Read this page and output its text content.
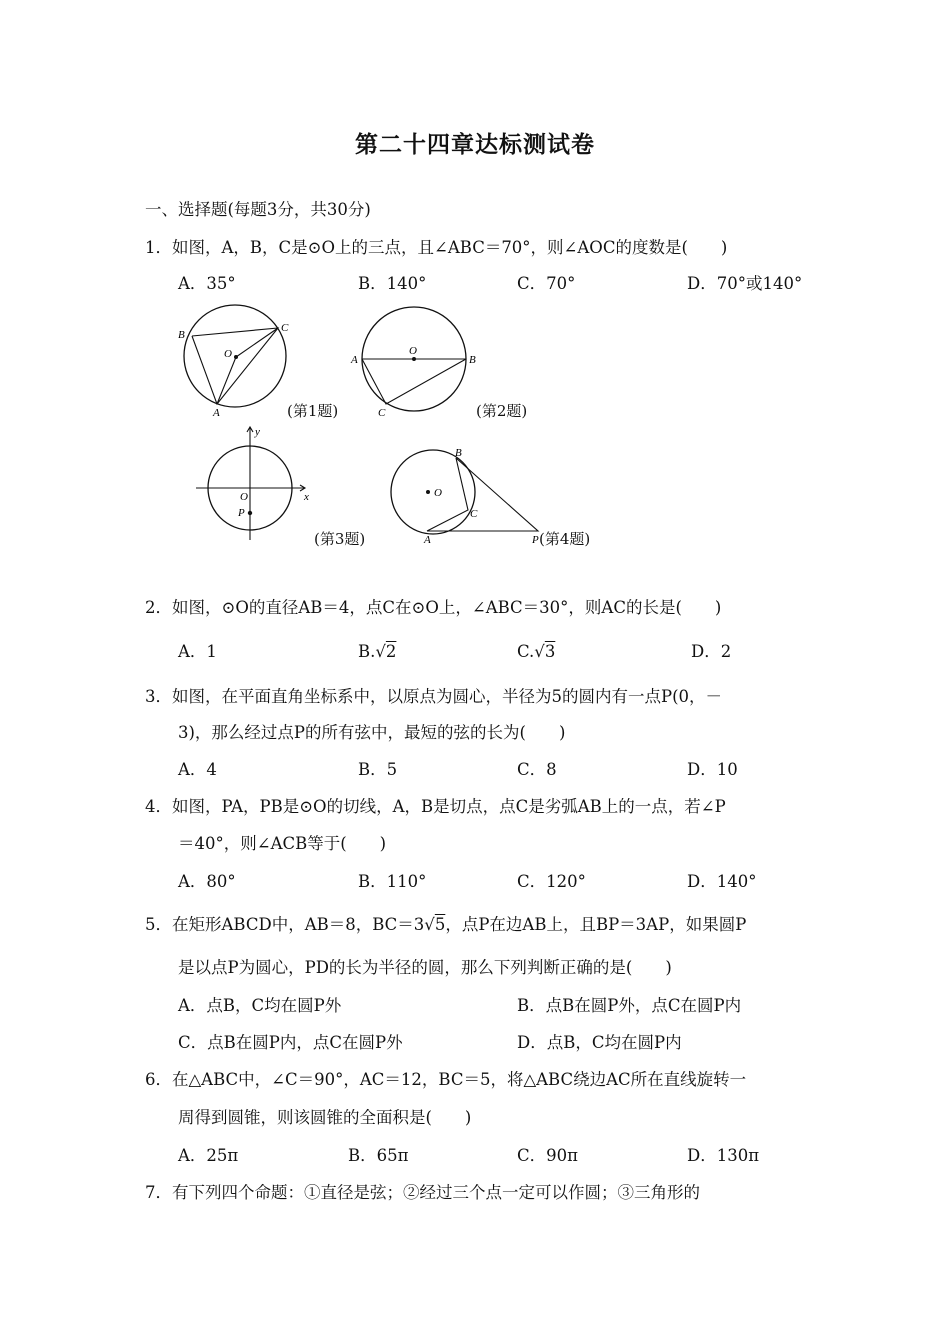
第二十四章达标测试卷
一、选择题(每题3分，共30分)
1．如图，A，B，C是⊙O上的三点，且∠ABC＝70°，则∠AOC的度数是(　　)
A．35°	B．140°	C．70°	D．70°或140°
B
C
O
A	(第1题)
A
O
B
C	(第2题)
y
O	x
P
(第3题)
B
O
C
A	P (第4题)
2．如图，⊙O的直径AB＝4，点C在⊙O上，∠ABC＝30°，则AC的长是(　　)
A．1	B.√2	C.√3	D．2
3．如图，在平面直角坐标系中，以原点为圆心，半径为5的圆内有一点P(0，－
3)，那么经过点P的所有弦中，最短的弦的长为(　　)
A．4	B．5	C．8	D．10
4．如图，PA，PB是⊙O的切线，A，B是切点，点C是劣弧AB上的一点，若∠P
＝40°，则∠ACB等于(　　)
A．80°	B．110°	C．120°	D．140°
5．在矩形ABCD中，AB＝8，BC＝3√5，点P在边AB上，且BP＝3AP，如果圆P
是以点P为圆心，PD的长为半径的圆，那么下列判断正确的是(　　)
A．点B，C均在圆P外	B．点B在圆P外，点C在圆P内
C．点B在圆P内，点C在圆P外	D．点B，C均在圆P内
6．在△ABC中，∠C＝90°，AC＝12，BC＝5，将△ABC绕边AC所在直线旋转一
周得到圆锥，则该圆锥的全面积是(　　)
A．25π	B．65π	C．90π	D．130π
7．有下列四个命题：①直径是弦；②经过三个点一定可以作圆；③三角形的
